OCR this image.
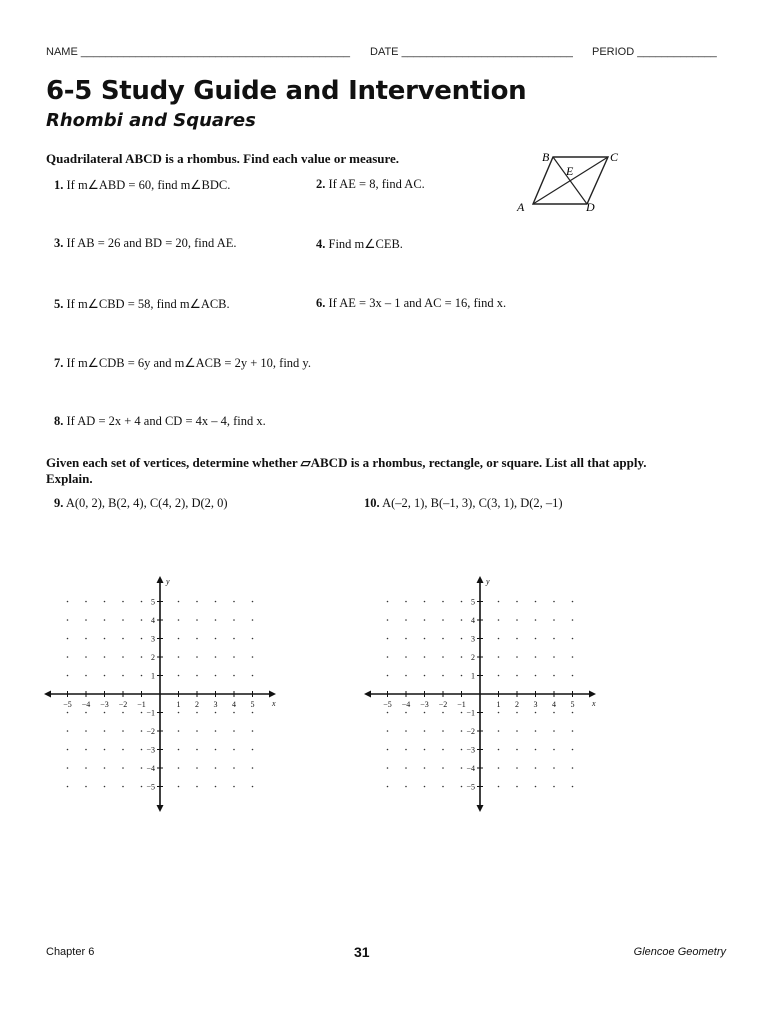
NAME ____________________________________________ DATE ____________________________ PERIOD _____________
6-5 Study Guide and Intervention
Rhombi and Squares
Quadrilateral ABCD is a rhombus. Find each value or measure.	B	C
E
A	D
1. If m∠ABD = 60, find m∠BDC.	2. If AE = 8, find AC.
3. If AB = 26 and BD = 20, find AE.	4. Find m∠CEB.
5. If m∠CBD = 58, find m∠ACB.	6. If AE = 3x – 1 and AC = 16, find x.
7. If m∠CDB = 6y and m∠ACB = 2y + 10, find y.
8. If AD = 2x + 4 and CD = 4x – 4, find x.
Given each set of vertices, determine whether ▱ABCD is a rhombus, rectangle, or square. List all that apply.
Explain.
9. A(0, 2), B(2, 4), C(4, 2), D(2, 0)	10. A(–2, 1), B(–1, 3), C(3, 1), D(2, –1)
−5 −4 −3 −2 −1	1 2 3 4 5
5
4
3
2
1
−1
−2
−3
−4
−5
x
y
−5 −4 −3 −2 −1	1 2 3 4 5
5
4
3
2
1
−1
−2
−3
−4
−5
x
y
Chapter 6	31	Glencoe Geometry
